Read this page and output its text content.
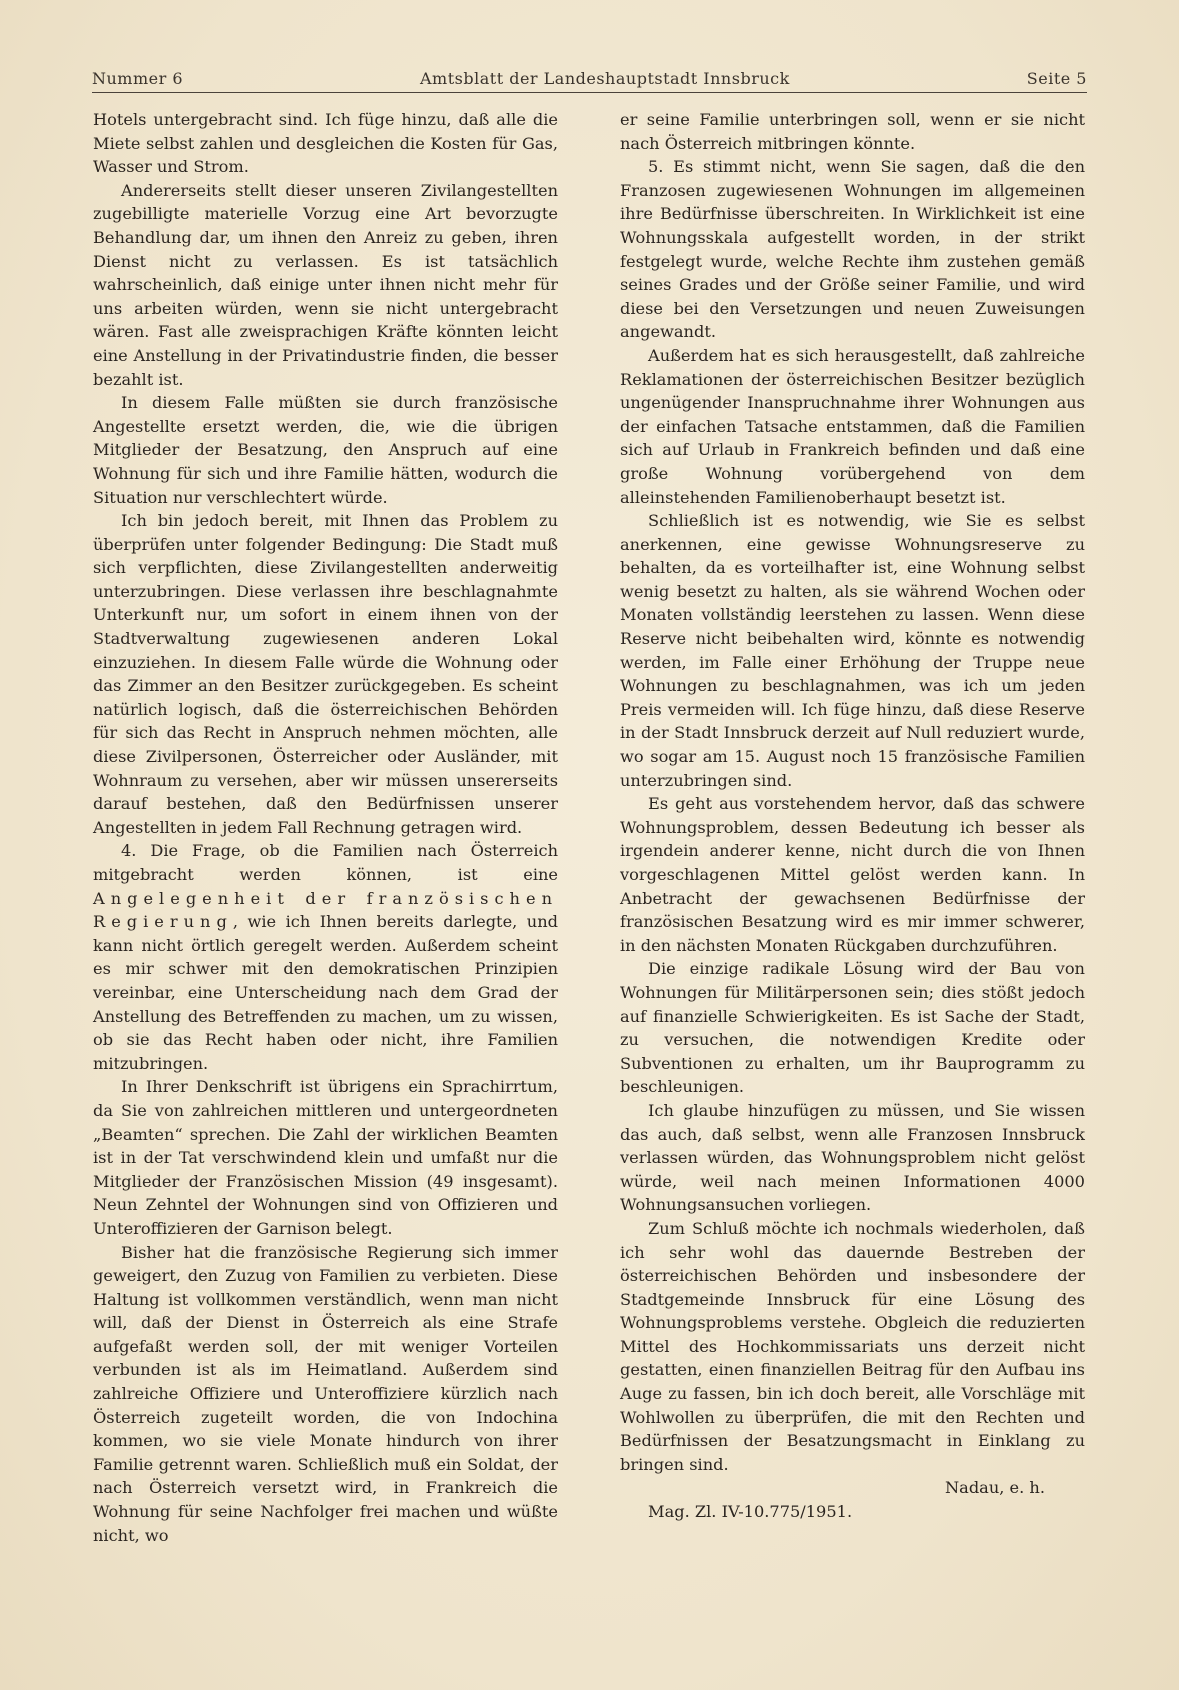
Nummer 6	Amtsblatt der Landeshauptstadt Innsbruck	Seite 5

Hotels untergebracht sind. Ich füge hinzu, daß alle die Miete selbst zahlen und desgleichen die Kosten für Gas, Wasser und Strom.

Andererseits stellt dieser unseren Zivilangestellten zugebilligte materielle Vorzug eine Art bevorzugte Behandlung dar, um ihnen den Anreiz zu geben, ihren Dienst nicht zu verlassen. Es ist tatsächlich wahrscheinlich, daß einige unter ihnen nicht mehr für uns arbeiten würden, wenn sie nicht untergebracht wären. Fast alle zweisprachigen Kräfte könnten leicht eine Anstellung in der Privatindustrie finden, die besser bezahlt ist.

In diesem Falle müßten sie durch französische Angestellte ersetzt werden, die, wie die übrigen Mitglieder der Besatzung, den Anspruch auf eine Wohnung für sich und ihre Familie hätten, wodurch die Situation nur verschlechtert würde.

Ich bin jedoch bereit, mit Ihnen das Problem zu überprüfen unter folgender Bedingung: Die Stadt muß sich verpflichten, diese Zivilangestellten anderweitig unterzubringen. Diese verlassen ihre beschlagnahmte Unterkunft nur, um sofort in einem ihnen von der Stadtverwaltung zugewiesenen anderen Lokal einzuziehen. In diesem Falle würde die Wohnung oder das Zimmer an den Besitzer zurückgegeben. Es scheint natürlich logisch, daß die österreichischen Behörden für sich das Recht in Anspruch nehmen möchten, alle diese Zivilpersonen, Österreicher oder Ausländer, mit Wohnraum zu versehen, aber wir müssen unsererseits darauf bestehen, daß den Bedürfnissen unserer Angestellten in jedem Fall Rechnung getragen wird.

4. Die Frage, ob die Familien nach Österreich mitgebracht werden können, ist eine Angelegenheit der französischen Regierung, wie ich Ihnen bereits darlegte, und kann nicht örtlich geregelt werden. Außerdem scheint es mir schwer mit den demokratischen Prinzipien vereinbar, eine Unterscheidung nach dem Grad der Anstellung des Betreffenden zu machen, um zu wissen, ob sie das Recht haben oder nicht, ihre Familien mitzubringen.

In Ihrer Denkschrift ist übrigens ein Sprachirrtum, da Sie von zahlreichen mittleren und untergeordneten „Beamten“ sprechen. Die Zahl der wirklichen Beamten ist in der Tat verschwindend klein und umfaßt nur die Mitglieder der Französischen Mission (49 insgesamt). Neun Zehntel der Wohnungen sind von Offizieren und Unteroffizieren der Garnison belegt.

Bisher hat die französische Regierung sich immer geweigert, den Zuzug von Familien zu verbieten. Diese Haltung ist vollkommen verständlich, wenn man nicht will, daß der Dienst in Österreich als eine Strafe aufgefaßt werden soll, der mit weniger Vorteilen verbunden ist als im Heimatland. Außerdem sind zahlreiche Offiziere und Unteroffiziere kürzlich nach Österreich zugeteilt worden, die von Indochina kommen, wo sie viele Monate hindurch von ihrer Familie getrennt waren. Schließlich muß ein Soldat, der nach Österreich versetzt wird, in Frankreich die Wohnung für seine Nachfolger frei machen und wüßte nicht, wo

er seine Familie unterbringen soll, wenn er sie nicht nach Österreich mitbringen könnte.

5. Es stimmt nicht, wenn Sie sagen, daß die den Franzosen zugewiesenen Wohnungen im allgemeinen ihre Bedürfnisse überschreiten. In Wirklichkeit ist eine Wohnungsskala aufgestellt worden, in der strikt festgelegt wurde, welche Rechte ihm zustehen gemäß seines Grades und der Größe seiner Familie, und wird diese bei den Versetzungen und neuen Zuweisungen angewandt.

Außerdem hat es sich herausgestellt, daß zahlreiche Reklamationen der österreichischen Besitzer bezüglich ungenügender Inanspruchnahme ihrer Wohnungen aus der einfachen Tatsache entstammen, daß die Familien sich auf Urlaub in Frankreich befinden und daß eine große Wohnung vorübergehend von dem alleinstehenden Familienoberhaupt besetzt ist.

Schließlich ist es notwendig, wie Sie es selbst anerkennen, eine gewisse Wohnungsreserve zu behalten, da es vorteilhafter ist, eine Wohnung selbst wenig besetzt zu halten, als sie während Wochen oder Monaten vollständig leerstehen zu lassen. Wenn diese Reserve nicht beibehalten wird, könnte es notwendig werden, im Falle einer Erhöhung der Truppe neue Wohnungen zu beschlagnahmen, was ich um jeden Preis vermeiden will. Ich füge hinzu, daß diese Reserve in der Stadt Innsbruck derzeit auf Null reduziert wurde, wo sogar am 15. August noch 15 französische Familien unterzubringen sind.

Es geht aus vorstehendem hervor, daß das schwere Wohnungsproblem, dessen Bedeutung ich besser als irgendein anderer kenne, nicht durch die von Ihnen vorgeschlagenen Mittel gelöst werden kann. In Anbetracht der gewachsenen Bedürfnisse der französischen Besatzung wird es mir immer schwerer, in den nächsten Monaten Rückgaben durchzuführen.

Die einzige radikale Lösung wird der Bau von Wohnungen für Militärpersonen sein; dies stößt jedoch auf finanzielle Schwierigkeiten. Es ist Sache der Stadt, zu versuchen, die notwendigen Kredite oder Subventionen zu erhalten, um ihr Bauprogramm zu beschleunigen.

Ich glaube hinzufügen zu müssen, und Sie wissen das auch, daß selbst, wenn alle Franzosen Innsbruck verlassen würden, das Wohnungsproblem nicht gelöst würde, weil nach meinen Informationen 4000 Wohnungsansuchen vorliegen.

Zum Schluß möchte ich nochmals wiederholen, daß ich sehr wohl das dauernde Bestreben der österreichischen Behörden und insbesondere der Stadtgemeinde Innsbruck für eine Lösung des Wohnungsproblems verstehe. Obgleich die reduzierten Mittel des Hochkommissariats uns derzeit nicht gestatten, einen finanziellen Beitrag für den Aufbau ins Auge zu fassen, bin ich doch bereit, alle Vorschläge mit Wohlwollen zu überprüfen, die mit den Rechten und Bedürfnissen der Besatzungsmacht in Einklang zu bringen sind.

Nadau, e. h.

Mag. Zl. IV-10.775/1951.
